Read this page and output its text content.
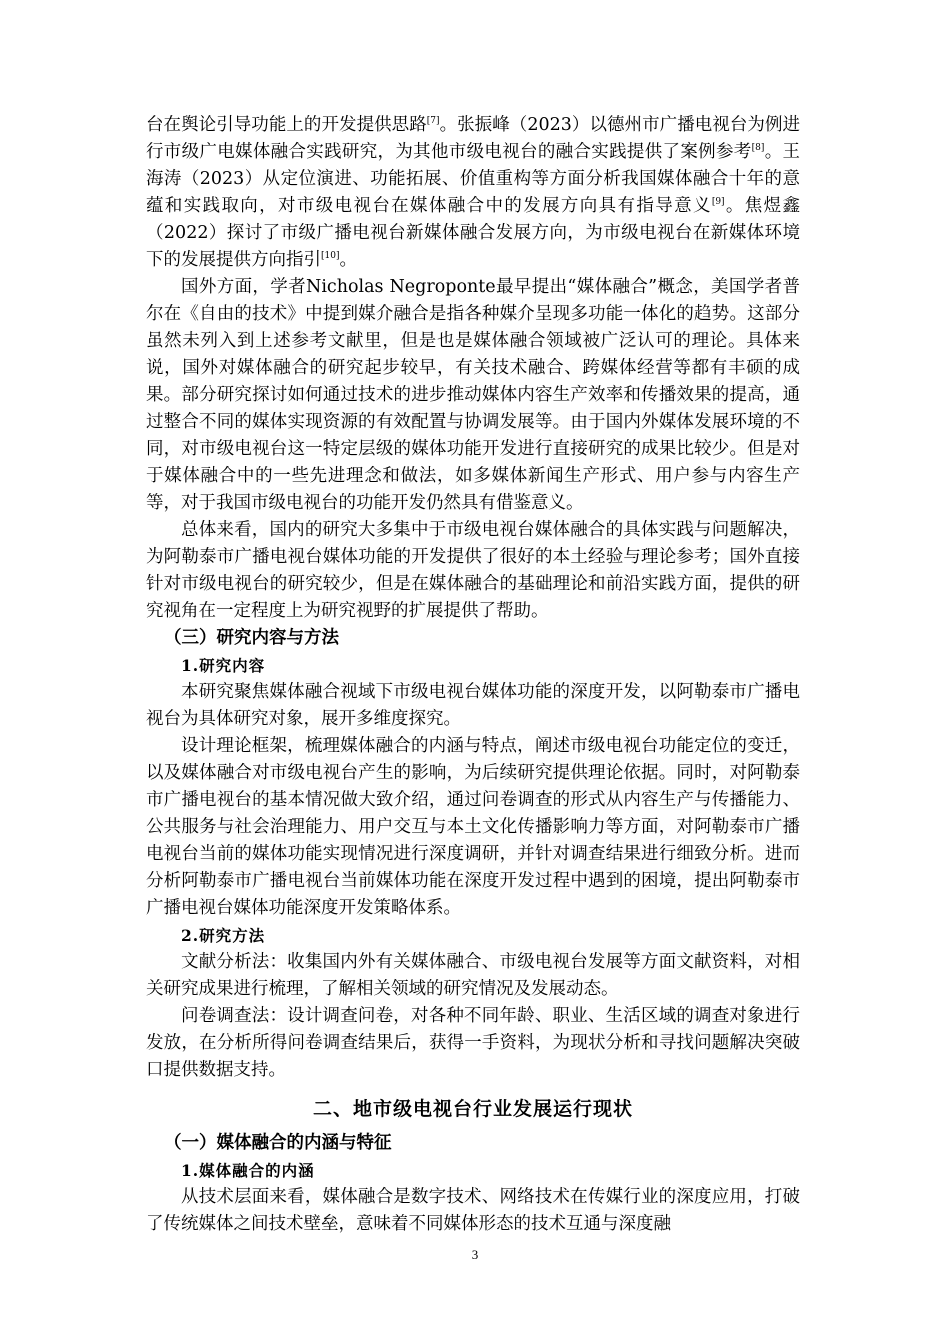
台在舆论引导功能上的开发提供思路[7]。张振峰（2023）以德州市广播电视台为例进行市级广电媒体融合实践研究，为其他市级电视台的融合实践提供了案例参考[8]。王海涛（2023）从定位演进、功能拓展、价值重构等方面分析我国媒体融合十年的意蕴和实践取向，对市级电视台在媒体融合中的发展方向具有指导意义[9]。焦煜鑫（2022）探讨了市级广播电视台新媒体融合发展方向，为市级电视台在新媒体环境下的发展提供方向指引[10]。

国外方面，学者Nicholas Negroponte最早提出“媒体融合”概念，美国学者普尔在《自由的技术》中提到媒介融合是指各种媒介呈现多功能一体化的趋势。这部分虽然未列入到上述参考文献里，但是也是媒体融合领域被广泛认可的理论。具体来说，国外对媒体融合的研究起步较早，有关技术融合、跨媒体经营等都有丰硕的成果。部分研究探讨如何通过技术的进步推动媒体内容生产效率和传播效果的提高，通过整合不同的媒体实现资源的有效配置与协调发展等。由于国内外媒体发展环境的不同，对市级电视台这一特定层级的媒体功能开发进行直接研究的成果比较少。但是对于媒体融合中的一些先进理念和做法，如多媒体新闻生产形式、用户参与内容生产等，对于我国市级电视台的功能开发仍然具有借鉴意义。

总体来看，国内的研究大多集中于市级电视台媒体融合的具体实践与问题解决，为阿勒泰市广播电视台媒体功能的开发提供了很好的本土经验与理论参考；国外直接针对市级电视台的研究较少，但是在媒体融合的基础理论和前沿实践方面，提供的研究视角在一定程度上为研究视野的扩展提供了帮助。

（三）研究内容与方法
1.研究内容

本研究聚焦媒体融合视域下市级电视台媒体功能的深度开发，以阿勒泰市广播电视台为具体研究对象，展开多维度探究。

设计理论框架，梳理媒体融合的内涵与特点，阐述市级电视台功能定位的变迁，以及媒体融合对市级电视台产生的影响，为后续研究提供理论依据。同时，对阿勒泰市广播电视台的基本情况做大致介绍，通过问卷调查的形式从内容生产与传播能力、公共服务与社会治理能力、用户交互与本土文化传播影响力等方面，对阿勒泰市广播电视台当前的媒体功能实现情况进行深度调研，并针对调查结果进行细致分析。进而分析阿勒泰市广播电视台当前媒体功能在深度开发过程中遇到的困境，提出阿勒泰市广播电视台媒体功能深度开发策略体系。

2.研究方法

文献分析法：收集国内外有关媒体融合、市级电视台发展等方面文献资料，对相关研究成果进行梳理，了解相关领域的研究情况及发展动态。

问卷调查法：设计调查问卷，对各种不同年龄、职业、生活区域的调查对象进行发放，在分析所得问卷调查结果后，获得一手资料，为现状分析和寻找问题解决突破口提供数据支持。

二、地市级电视台行业发展运行现状
（一）媒体融合的内涵与特征
1.媒体融合的内涵

从技术层面来看，媒体融合是数字技术、网络技术在传媒行业的深度应用，打破了传统媒体之间技术壁垒，意味着不同媒体形态的技术互通与深度融

3
